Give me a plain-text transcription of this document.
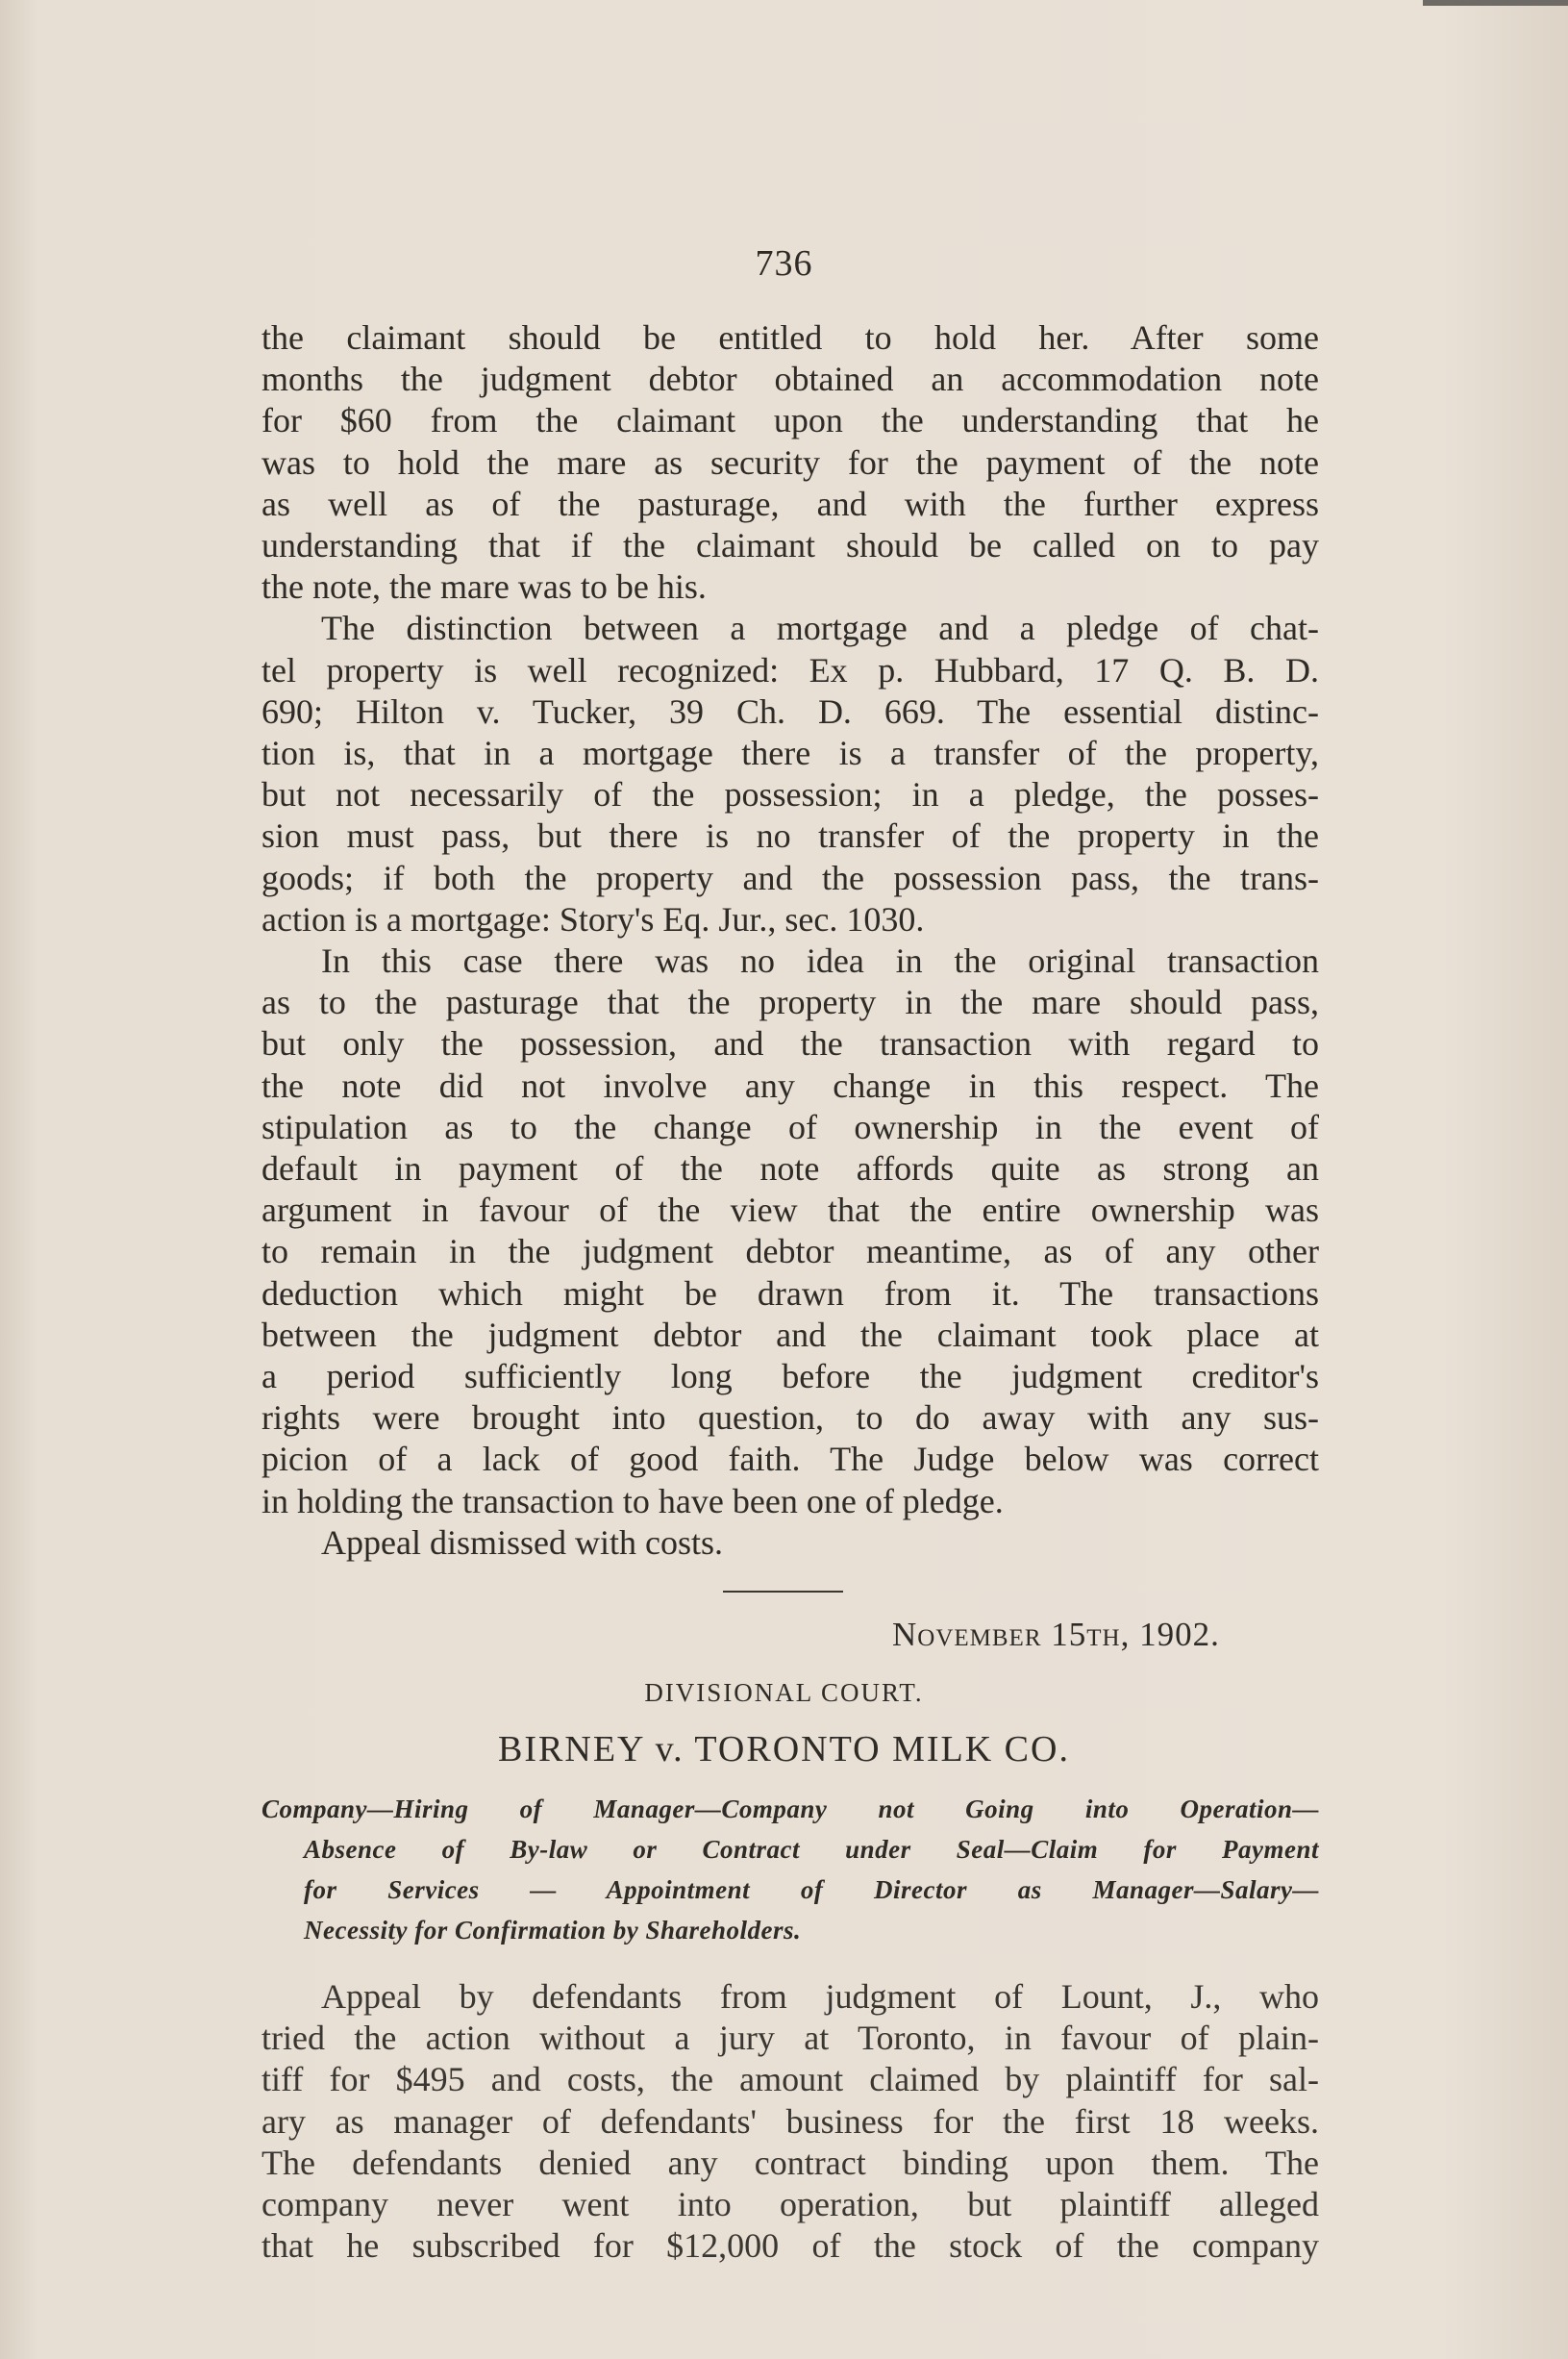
736
the claimant should be entitled to hold her. After some
months the judgment debtor obtained an accommodation note
for $60 from the claimant upon the understanding that he
was to hold the mare as security for the payment of the note
as well as of the pasturage, and with the further express
understanding that if the claimant should be called on to pay
the note, the mare was to be his.
The distinction between a mortgage and a pledge of chat-
tel property is well recognized: Ex p. Hubbard, 17 Q. B. D.
690; Hilton v. Tucker, 39 Ch. D. 669. The essential distinc-
tion is, that in a mortgage there is a transfer of the property,
but not necessarily of the possession; in a pledge, the posses-
sion must pass, but there is no transfer of the property in the
goods; if both the property and the possession pass, the trans-
action is a mortgage: Story's Eq. Jur., sec. 1030.
In this case there was no idea in the original transaction
as to the pasturage that the property in the mare should pass,
but only the possession, and the transaction with regard to
the note did not involve any change in this respect. The
stipulation as to the change of ownership in the event of
default in payment of the note affords quite as strong an
argument in favour of the view that the entire ownership was
to remain in the judgment debtor meantime, as of any other
deduction which might be drawn from it. The transactions
between the judgment debtor and the claimant took place at
a period sufficiently long before the judgment creditor's
rights were brought into question, to do away with any sus-
picion of a lack of good faith. The Judge below was correct
in holding the transaction to have been one of pledge.
Appeal dismissed with costs.
November 15th, 1902.
DIVISIONAL COURT.
BIRNEY v. TORONTO MILK CO.
Company—Hiring of Manager—Company not Going into Operation—
Absence of By-law or Contract under Seal—Claim for Payment
for Services — Appointment of Director as Manager—Salary—
Necessity for Confirmation by Shareholders.
Appeal by defendants from judgment of Lount, J., who
tried the action without a jury at Toronto, in favour of plain-
tiff for $495 and costs, the amount claimed by plaintiff for sal-
ary as manager of defendants' business for the first 18 weeks.
The defendants denied any contract binding upon them. The
company never went into operation, but plaintiff alleged
that he subscribed for $12,000 of the stock of the company
